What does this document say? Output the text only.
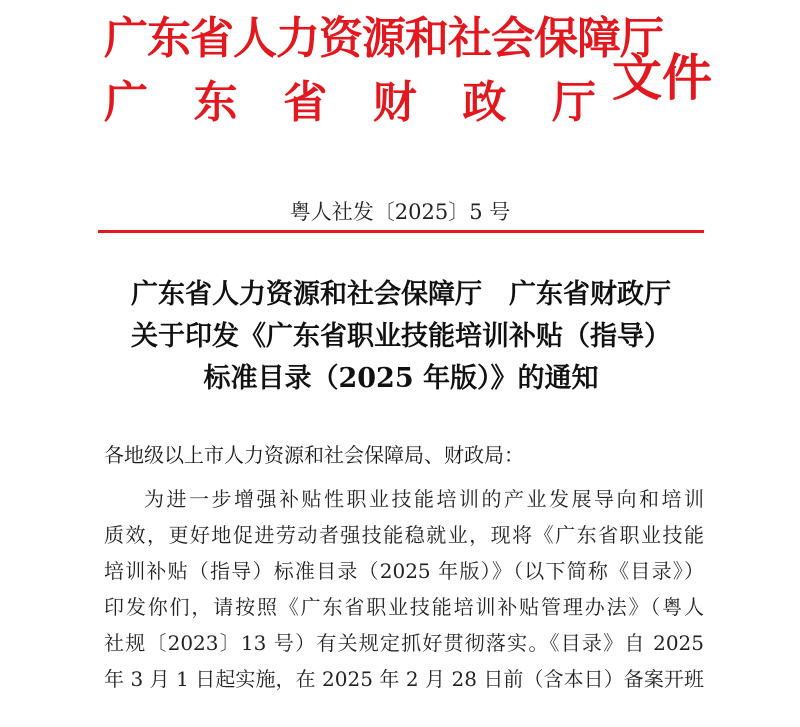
广东省人力资源和社会保障厅
广 东 省 财 政 厅 文件
粤人社发〔2025〕5 号
广东省人力资源和社会保障厅　广东省财政厅
关于印发《广东省职业技能培训补贴（指导）
标准目录（2025 年版）》的通知
各地级以上市人力资源和社会保障局、财政局：
为进一步增强补贴性职业技能培训的产业发展导向和培训
质效，更好地促进劳动者强技能稳就业，现将《广东省职业技能
培训补贴（指导）标准目录（2025 年版）》（以下简称《目录》）
印发你们，请按照《广东省职业技能培训补贴管理办法》（粤人
社规〔2023〕13 号）有关规定抓好贯彻落实。《目录》自 2025
年 3 月 1 日起实施，在 2025 年 2 月 28 日前（含本日）备案开班
